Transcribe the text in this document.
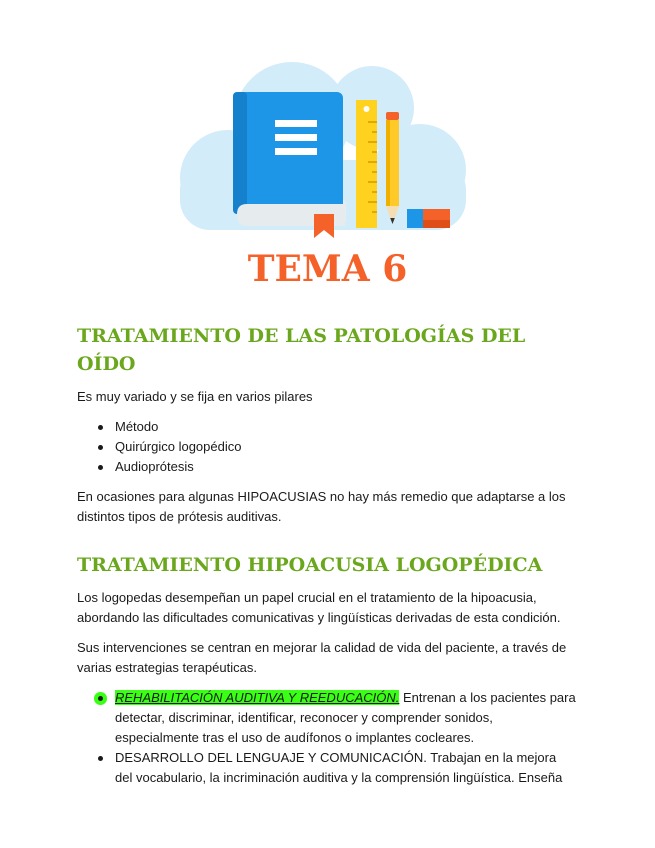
TEMA 6
TRATAMIENTO DE LAS PATOLOGÍAS DEL OÍDO

Es muy variado y se fija en varios pilares

Método
Quirúrgico logopédico
Audioprótesis

En ocasiones para algunas HIPOACUSIAS no hay más remedio que adaptarse a los distintos tipos de prótesis auditivas.

TRATAMIENTO HIPOACUSIA LOGOPÉDICA

Los logopedas desempeñan un papel crucial en el tratamiento de la hipoacusia, abordando las dificultades comunicativas y lingüísticas derivadas de esta condición.

Sus intervenciones se centran en mejorar la calidad de vida del paciente, a través de varias estrategias terapéuticas.

REHABILITACIÓN AUDITIVA Y REEDUCACIÓN. Entrenan a los pacientes para detectar, discriminar, identificar, reconocer y comprender sonidos, especialmente tras el uso de audífonos o implantes cocleares.
DESARROLLO DEL LENGUAJE Y COMUNICACIÓN. Trabajan en la mejora del vocabulario, la incriminación auditiva y la comprensión lingüística. Enseña
